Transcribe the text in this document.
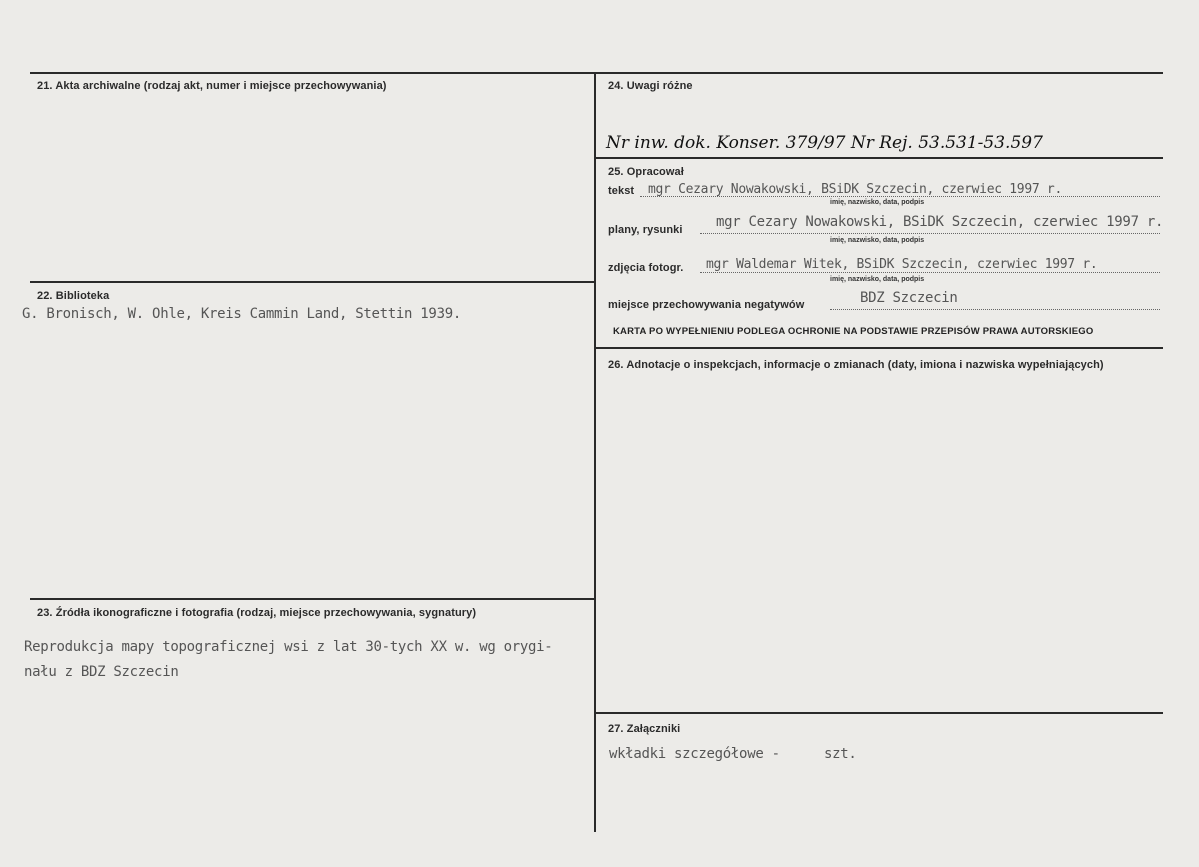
21. Akta archiwalne (rodzaj akt, numer i miejsce przechowywania)
22. Biblioteka
G. Bronisch, W. Ohle, Kreis Cammin Land, Stettin 1939.
23. Źródła ikonograficzne i fotografia (rodzaj, miejsce przechowywania, sygnatury)
Reprodukcja mapy topograficznej wsi z lat 30-tych XX w. wg orygi-
nału z BDZ Szczecin
24. Uwagi różne
Nr inw. dok. Konser. 379/97 Nr Rej. 53.531-53.597
25. Opracował
tekst mgr Cezary Nowakowski, BSiDK Szczecin, czerwiec 1997 r.
imię, nazwisko, data, podpis
plany, rysunki mgr Cezary Nowakowski, BSiDK Szczecin, czerwiec 1997 r.
imię, nazwisko, data, podpis
zdjęcia fotogr. mgr Waldemar Witek, BSiDK Szczecin, czerwiec 1997 r.
imię, nazwisko, data, podpis
miejsce przechowywania negatywów	BDZ Szczecin
KARTA PO WYPEŁNIENIU PODLEGA OCHRONIE NA PODSTAWIE PRZEPISÓW PRAWA AUTORSKIEGO
26. Adnotacje o inspekcjach, informacje o zmianach (daty, imiona i nazwiska wypełniających)
27. Załączniki
wkładki szczegółowe -	szt.
